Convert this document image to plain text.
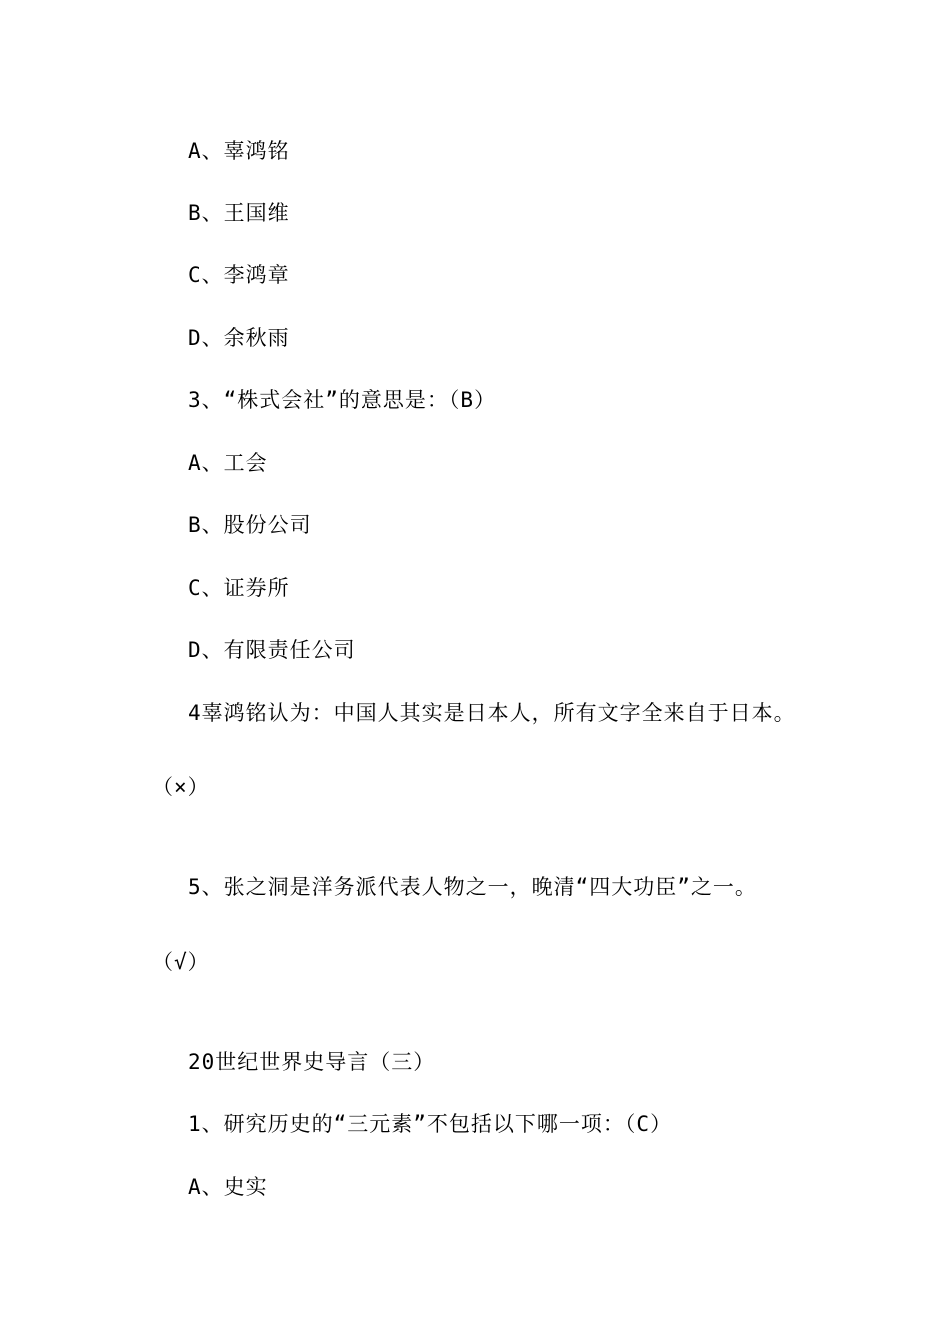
A、辜鸿铭
B、王国维
C、李鸿章
D、余秋雨
3、“株式会社”的意思是：（B）
A、工会
B、股份公司
C、证券所
D、有限责任公司
4辜鸿铭认为：中国人其实是日本人，所有文字全来自于日本。
（×）
5、张之洞是洋务派代表人物之一，晚清“四大功臣”之一。
（√）
20世纪世界史导言（三）
1、研究历史的“三元素”不包括以下哪一项：（C）
A、史实
